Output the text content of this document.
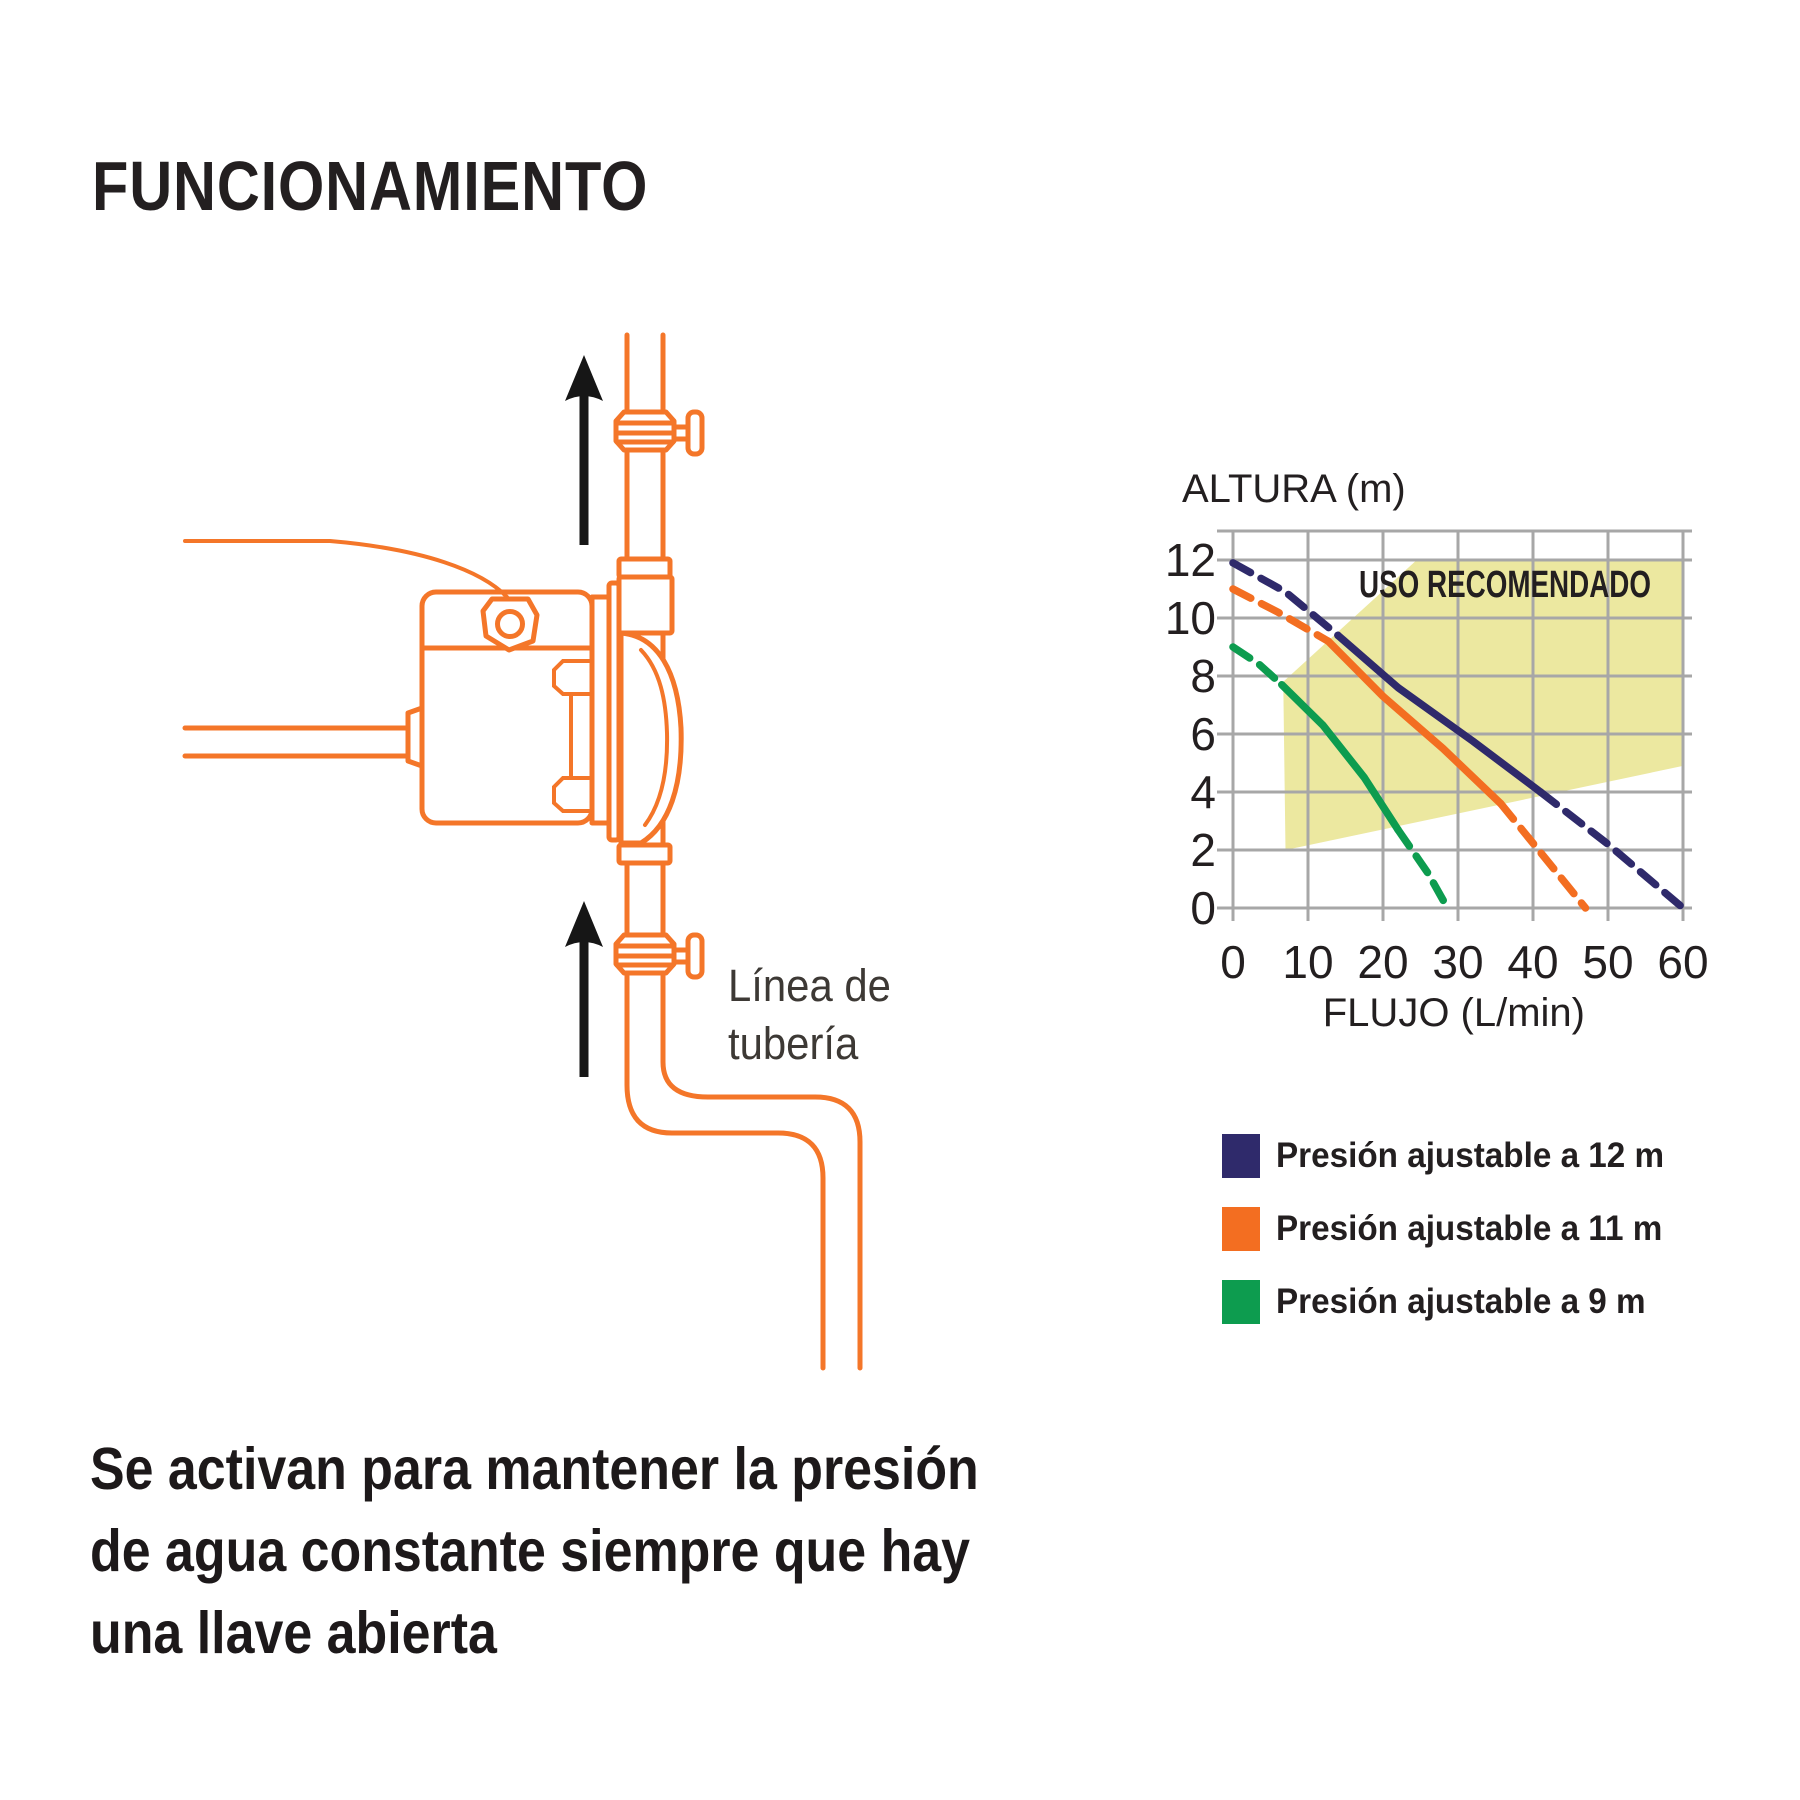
FUNCIONAMIENTO
Línea de
tubería
0
2
4
6
8
10
12
0 10 20 30 40 50 60
ALTURA (m)
FLUJO (L/min)
USO RECOMENDADO
Presión ajustable a 12 m
Presión ajustable a 11 m
Presión ajustable a 9 m
Se activan para mantener la presión
de agua constante siempre que hay
una llave abierta
